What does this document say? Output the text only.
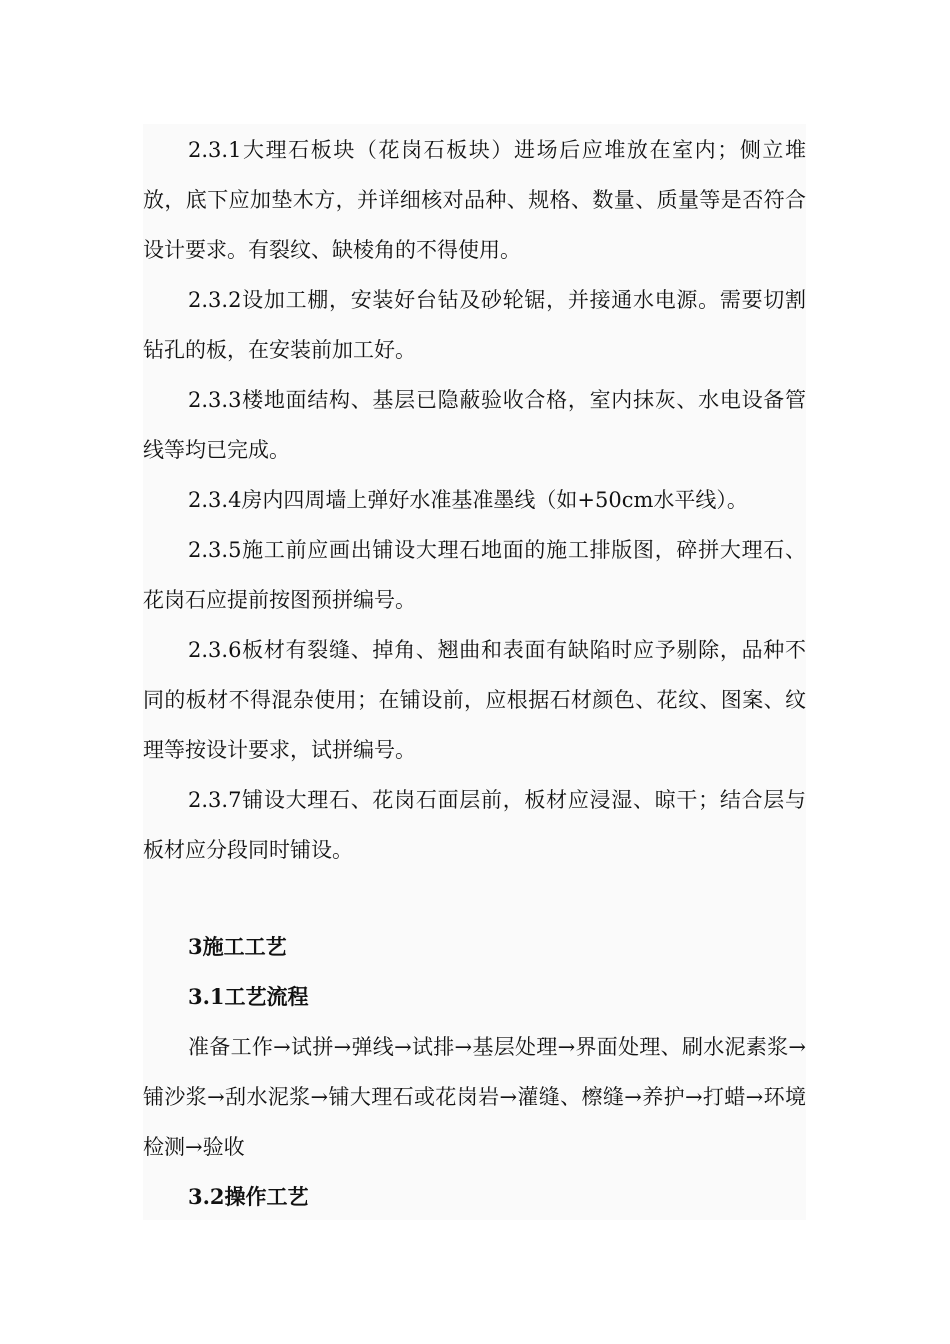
2.3.1大理石板块（花岗石板块）进场后应堆放在室内；侧立堆放，底下应加垫木方，并详细核对品种、规格、数量、质量等是否符合设计要求。有裂纹、缺棱角的不得使用。

2.3.2设加工棚，安装好台钻及砂轮锯，并接通水电源。需要切割钻孔的板，在安装前加工好。

2.3.3楼地面结构、基层已隐蔽验收合格，室内抹灰、水电设备管线等均已完成。

2.3.4房内四周墙上弹好水准基准墨线（如+50cm水平线）。

2.3.5施工前应画出铺设大理石地面的施工排版图，碎拼大理石、花岗石应提前按图预拼编号。

2.3.6板材有裂缝、掉角、翘曲和表面有缺陷时应予剔除，品种不同的板材不得混杂使用；在铺设前，应根据石材颜色、花纹、图案、纹理等按设计要求，试拼编号。

2.3.7铺设大理石、花岗石面层前，板材应浸湿、晾干；结合层与板材应分段同时铺设。

3施工工艺
3.1工艺流程

准备工作→试拼→弹线→试排→基层处理→界面处理、刷水泥素浆→铺沙浆→刮水泥浆→铺大理石或花岗岩→灌缝、檫缝→养护→打蜡→环境检测→验收

3.2操作工艺
